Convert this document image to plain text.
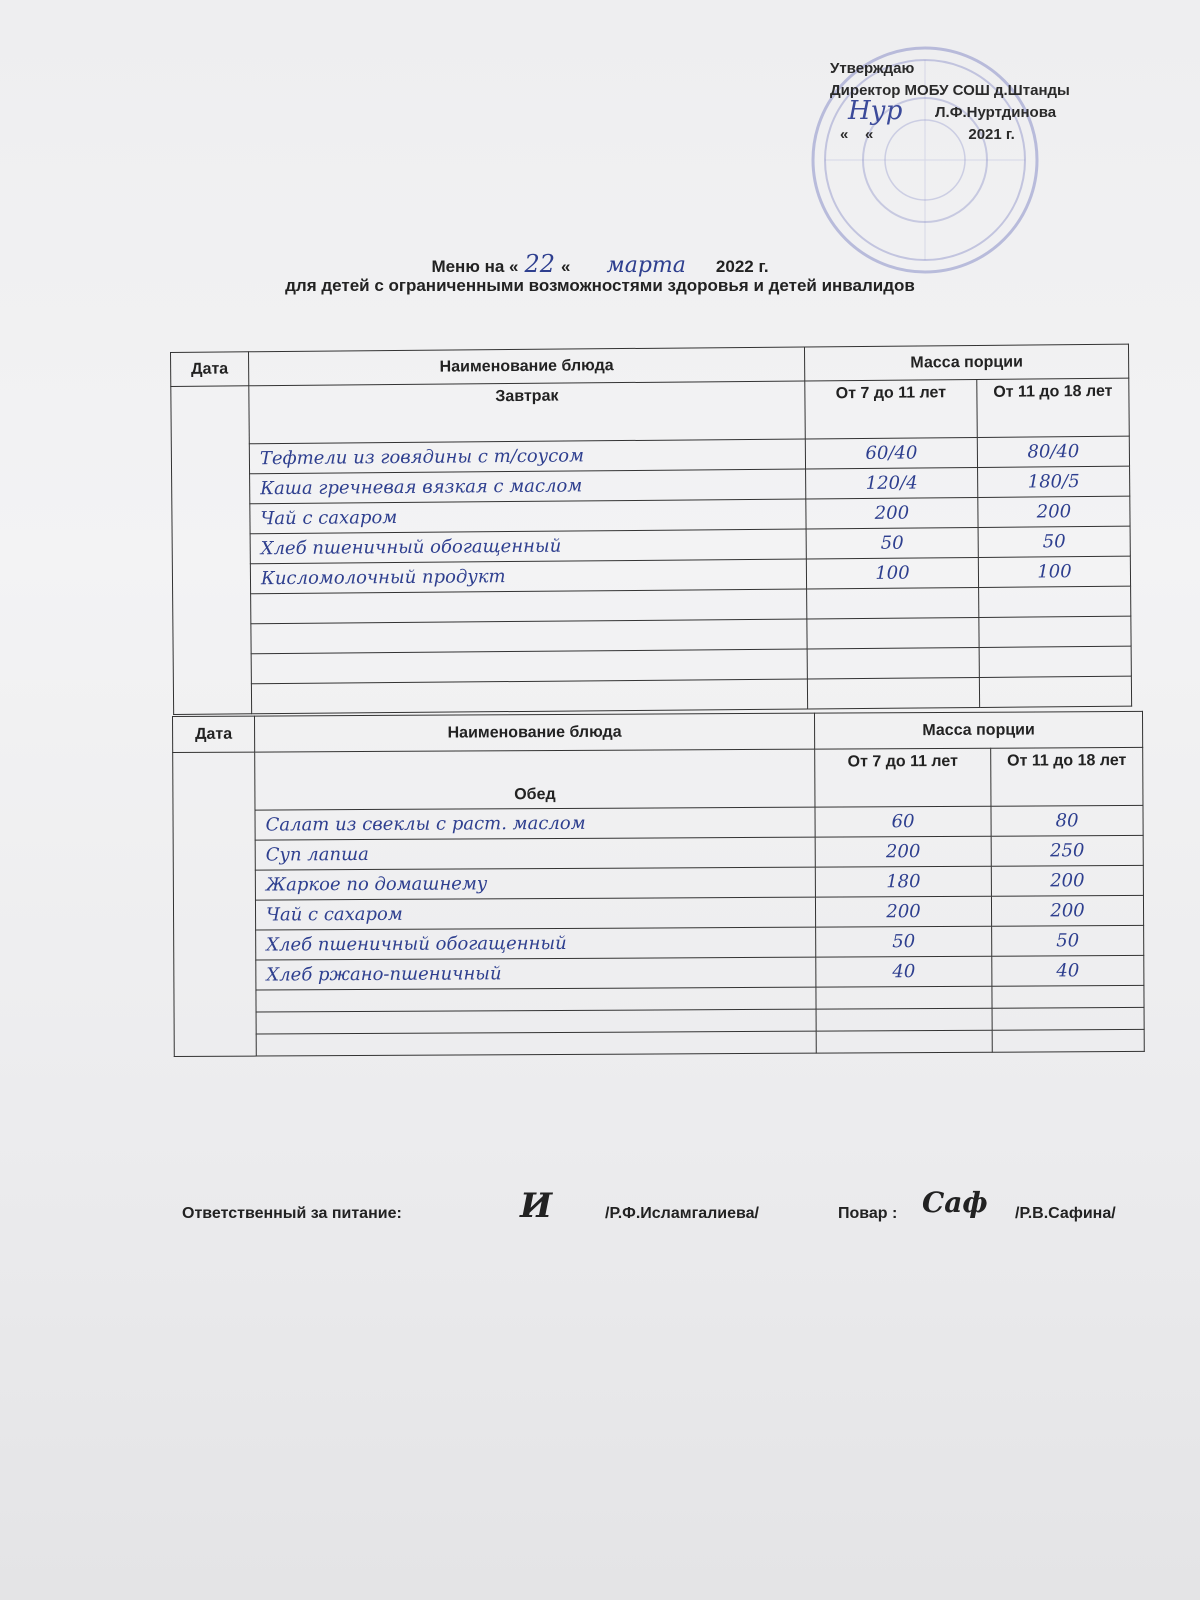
Утверждаю
Директор МОБУ СОШ д.Штанды
Л.Ф.Нуртдинова
« «	2021 г.
Нур
Меню на « 22 « марта 2022 г.
для детей с ограниченными возможностями здоровья и детей инвалидов
Дата	Наименование блюда	Масса порции	
	Завтрак	От 7 до 11 лет	От 11 до 18 лет
	Тефтели из говядины с т/соусом	60/40	80/40
	Каша гречневая вязкая с маслом	120/4	180/5
	Чай с сахаром	200	200
	Хлеб пшеничный обогащенный	50	50
	Кисломолочный продукт	100	100

Дата	Наименование блюда	Масса порции	
	Обед	От 7 до 11 лет	От 11 до 18 лет
	Салат из свеклы с раст. маслом	60	80
	Суп лапша	200	250
	Жаркое по домашнему	180	200
	Чай с сахаром	200	200
	Хлеб пшеничный обогащенный	50	50
	Хлеб ржано-пшеничный	40	40

Ответственный за питание:	И	/Р.Ф.Исламгалиева/	Повар : Саф /Р.В.Сафина/
